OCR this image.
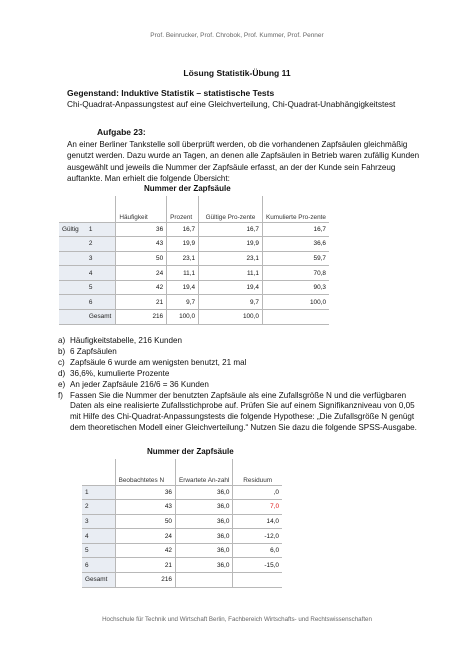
Prof. Beinrucker, Prof. Chrobok, Prof. Kummer, Prof. Penner
Lösung Statistik-Übung 11
Gegenstand: Induktive Statistik – statistische Tests
Chi-Quadrat-Anpassungstest auf eine Gleichverteilung, Chi-Quadrat-Unabhängigkeitstest
Aufgabe 23:

An einer Berliner Tankstelle soll überprüft werden, ob die vorhandenen Zapfsäulen gleichmäßig genutzt werden. Dazu wurde an Tagen, an denen alle Zapfsäulen in Betrieb waren zufällig Kunden ausgewählt und jeweils die Nummer der Zapfsäule erfasst, an der der Kunde sein Fahrzeug auftankte. Man erhielt die folgende Übersicht:

Nummer der Zapfsäule
		Häufigkeit	Prozent	Gültige Pro-zente	Kumulierte Pro-zente
Gültig	1	36	16,7	16,7	16,7
	2	43	19,9	19,9	36,6
	3	50	23,1	23,1	59,7
	4	24	11,1	11,1	70,8
	5	42	19,4	19,4	90,3
	6	21	9,7	9,7	100,0
	Gesamt	216	100,0	100,0	
a) Häufigkeitstabelle, 216 Kunden
b) 6 Zapfsäulen
c) Zapfsäule 6 wurde am wenigsten benutzt, 21 mal
d) 36,6%, kumulierte Prozente
e) An jeder Zapfsäule 216/6 = 36 Kunden
f) Fassen Sie die Nummer der benutzten Zapfsäule als eine Zufallsgröße N und die verfügbaren Daten als eine realisierte Zufallsstichprobe auf. Prüfen Sie auf einem Signifikanzniveau von 0,05 mit Hilfe des Chi-Quadrat-Anpassungstests die folgende Hypothese: „Die Zufallsgröße N genügt dem theoretischen Modell einer Gleichverteilung.“ Nutzen Sie dazu die folgende SPSS-Ausgabe.
Nummer der Zapfsäule
	Beobachtetes N	Erwartete An-zahl	Residuum
1	36	36,0	,0
2	43	36,0	7,0
3	50	36,0	14,0
4	24	36,0	-12,0
5	42	36,0	6,0
6	21	36,0	-15,0
Gesamt	216		
Hochschule für Technik und Wirtschaft Berlin, Fachbereich Wirtschafts- und Rechtswissenschaften
